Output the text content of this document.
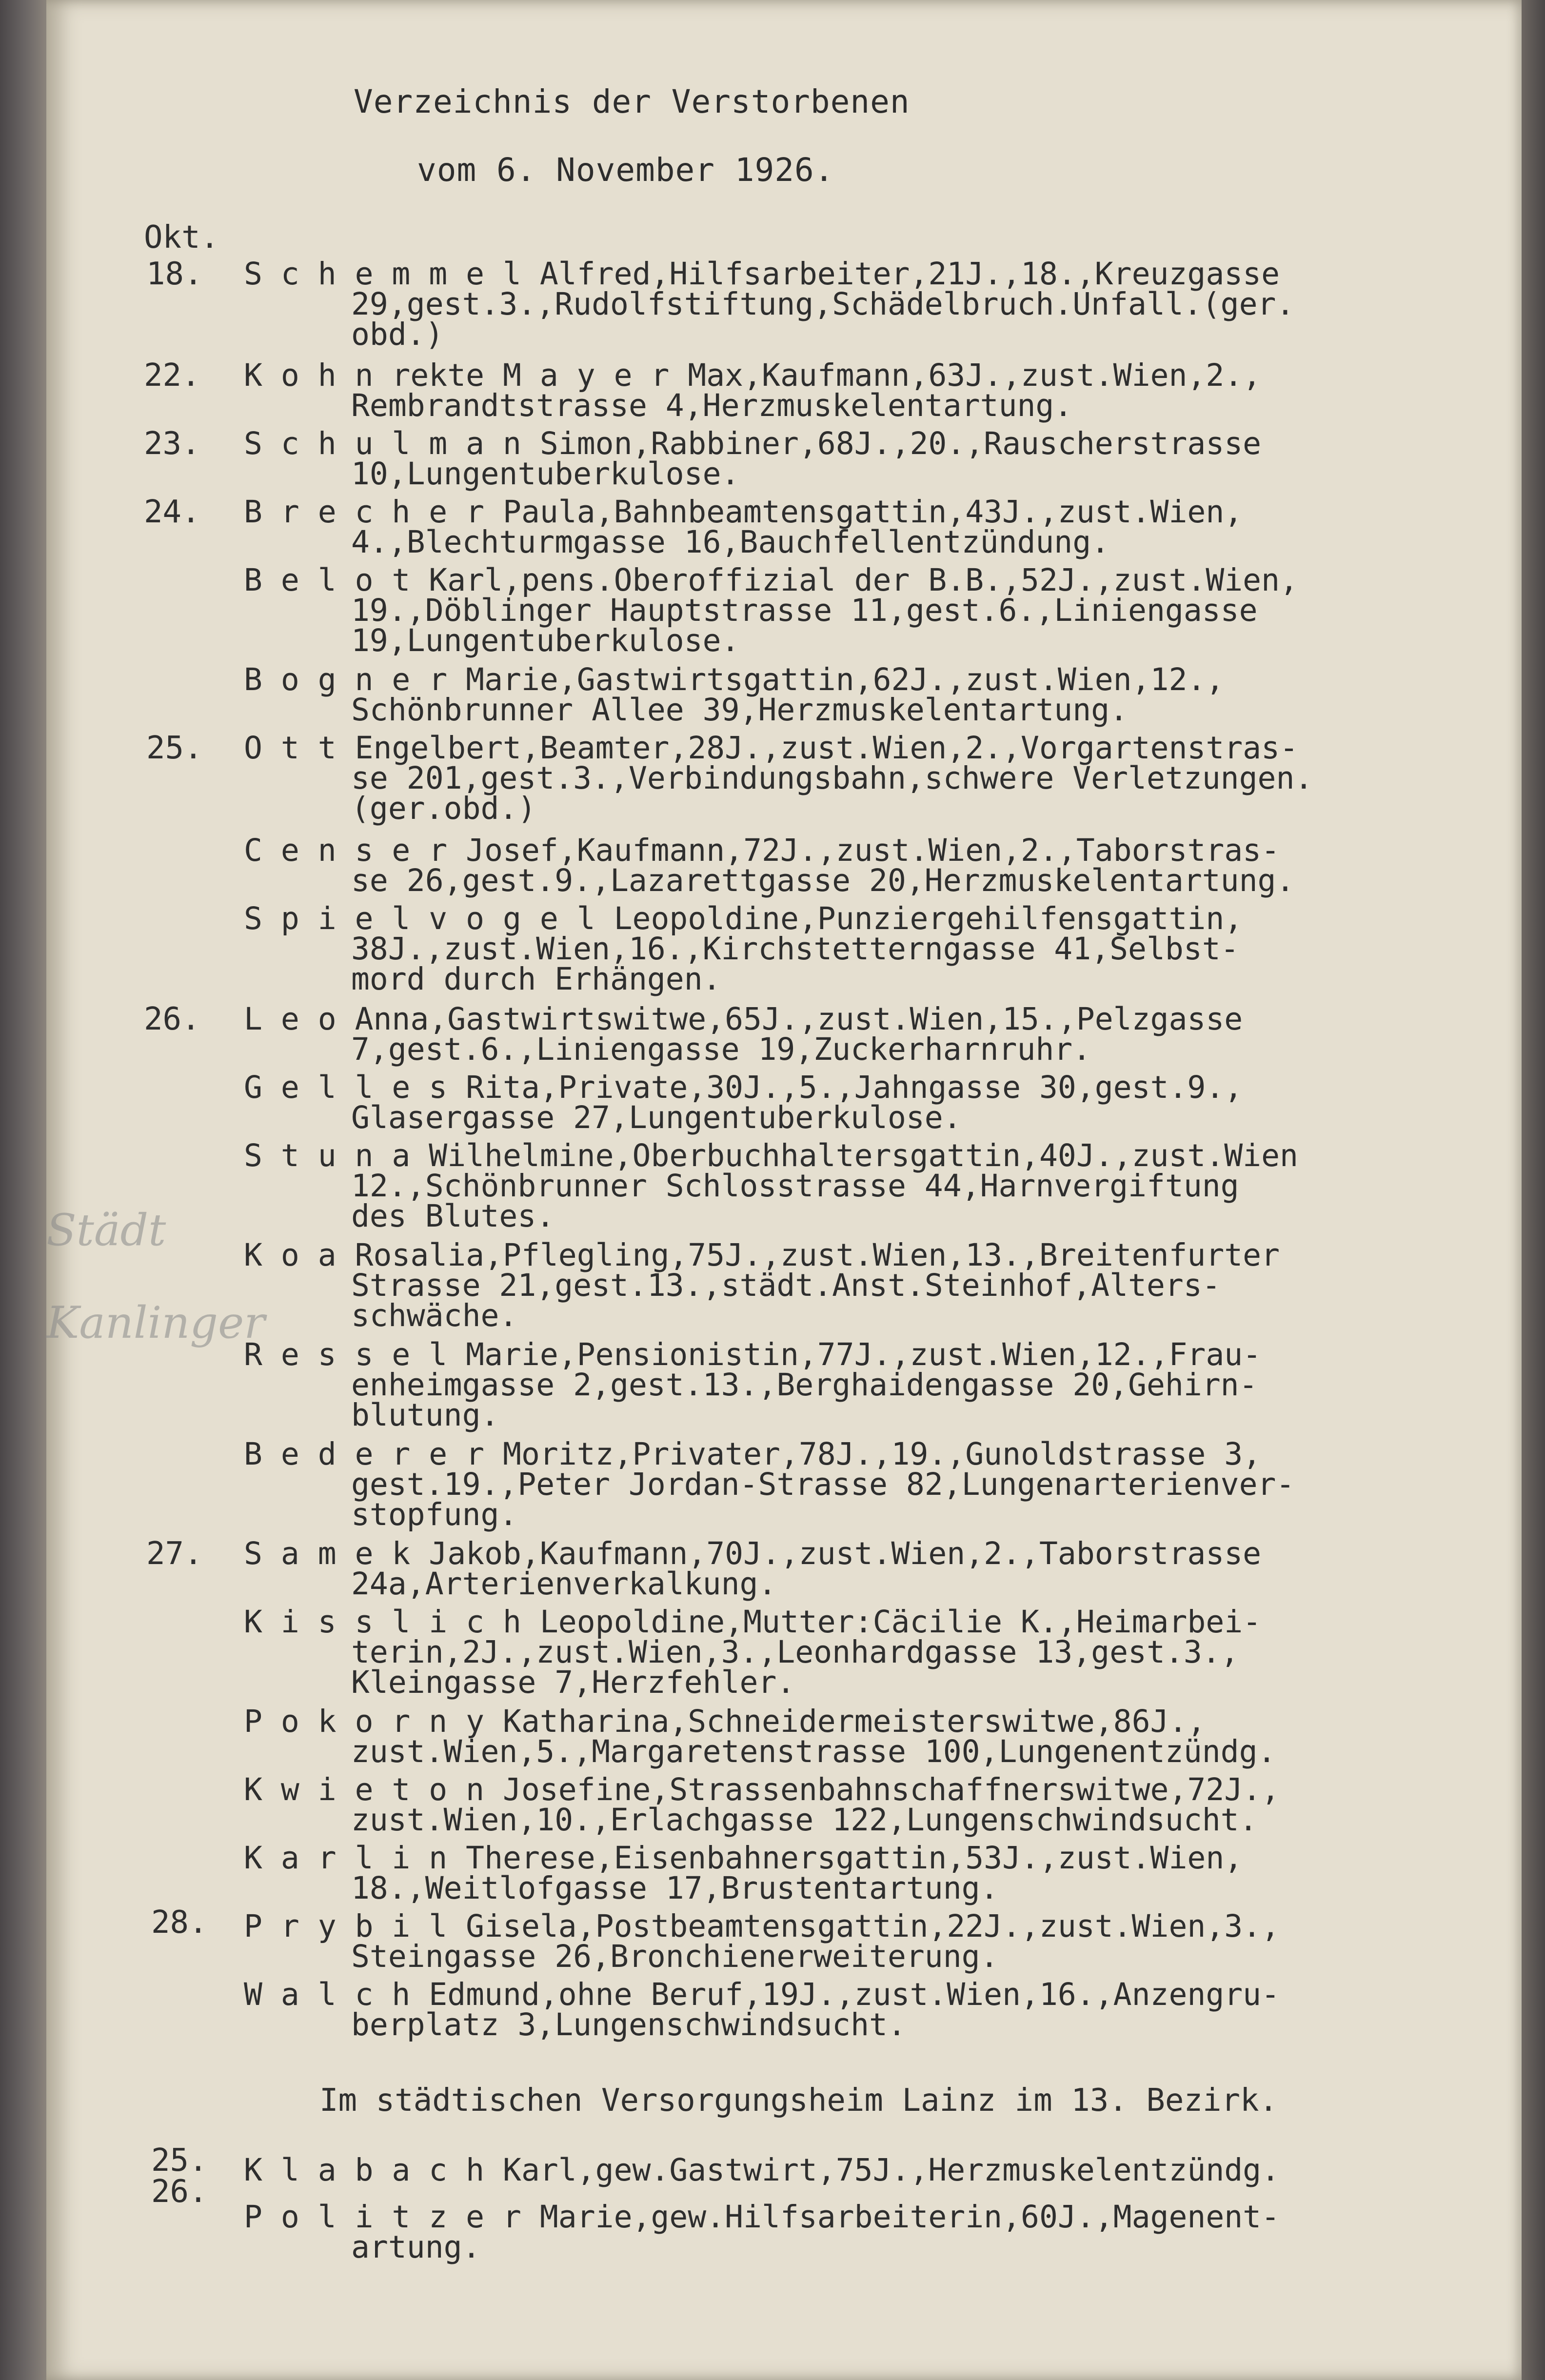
Verzeichnis der Verstorbenen
vom 6. November 1926.
Okt.
Städt
Kanlinger
18. S c h e m m e l Alfred,Hilfsarbeiter,21J.,18.,Kreuzgasse
29,gest.3.,Rudolfstiftung,Schädelbruch.Unfall.(ger.
obd.)
22. K o h n rekte M a y e r Max,Kaufmann,63J.,zust.Wien,2.,
Rembrandtstrasse 4,Herzmuskelentartung.
23. S c h u l m a n Simon,Rabbiner,68J.,20.,Rauscherstrasse
10,Lungentuberkulose.
24. B r e c h e r Paula,Bahnbeamtensgattin,43J.,zust.Wien,
4.,Blechturmgasse 16,Bauchfellentzündung.
B e l o t Karl,pens.Oberoffizial der B.B.,52J.,zust.Wien,
19.,Döblinger Hauptstrasse 11,gest.6.,Liniengasse
19,Lungentuberkulose.
B o g n e r Marie,Gastwirtsgattin,62J.,zust.Wien,12.,
Schönbrunner Allee 39,Herzmuskelentartung.
25. O t t Engelbert,Beamter,28J.,zust.Wien,2.,Vorgartenstras-
se 201,gest.3.,Verbindungsbahn,schwere Verletzungen.
(ger.obd.)
C e n s e r Josef,Kaufmann,72J.,zust.Wien,2.,Taborstras-
se 26,gest.9.,Lazarettgasse 20,Herzmuskelentartung.
S p i e l v o g e l Leopoldine,Punziergehilfensgattin,
38J.,zust.Wien,16.,Kirchstetterngasse 41,Selbst-
mord durch Erhängen.
26. L e o Anna,Gastwirtswitwe,65J.,zust.Wien,15.,Pelzgasse
7,gest.6.,Liniengasse 19,Zuckerharnruhr.
G e l l e s Rita,Private,30J.,5.,Jahngasse 30,gest.9.,
Glasergasse 27,Lungentuberkulose.
S t u n a Wilhelmine,Oberbuchhaltersgattin,40J.,zust.Wien
12.,Schönbrunner Schlosstrasse 44,Harnvergiftung
des Blutes.
K o a Rosalia,Pflegling,75J.,zust.Wien,13.,Breitenfurter
Strasse 21,gest.13.,städt.Anst.Steinhof,Alters-
schwäche.
R e s s e l Marie,Pensionistin,77J.,zust.Wien,12.,Frau-
enheimgasse 2,gest.13.,Berghaidengasse 20,Gehirn-
blutung.
B e d e r e r Moritz,Privater,78J.,19.,Gunoldstrasse 3,
gest.19.,Peter Jordan-Strasse 82,Lungenarterienver-
stopfung.
27. S a m e k Jakob,Kaufmann,70J.,zust.Wien,2.,Taborstrasse
24a,Arterienverkalkung.
K i s s l i c h Leopoldine,Mutter:Cäcilie K.,Heimarbei-
terin,2J.,zust.Wien,3.,Leonhardgasse 13,gest.3.,
Kleingasse 7,Herzfehler.
P o k o r n y Katharina,Schneidermeisterswitwe,86J.,
zust.Wien,5.,Margaretenstrasse 100,Lungenentzündg.
K w i e t o n Josefine,Strassenbahnschaffnerswitwe,72J.,
zust.Wien,10.,Erlachgasse 122,Lungenschwindsucht.
K a r l i n Therese,Eisenbahnersgattin,53J.,zust.Wien,
18.,Weitlofgasse 17,Brustentartung.
28. P r y b i l Gisela,Postbeamtensgattin,22J.,zust.Wien,3.,
Steingasse 26,Bronchienerweiterung.
W a l c h Edmund,ohne Beruf,19J.,zust.Wien,16.,Anzengru-
berplatz 3,Lungenschwindsucht.
Im städtischen Versorgungsheim Lainz im 13. Bezirk.
25. K l a b a c h Karl,gew.Gastwirt,75J.,Herzmuskelentzündg.
26.
P o l i t z e r Marie,gew.Hilfsarbeiterin,60J.,Magenent-
artung.
